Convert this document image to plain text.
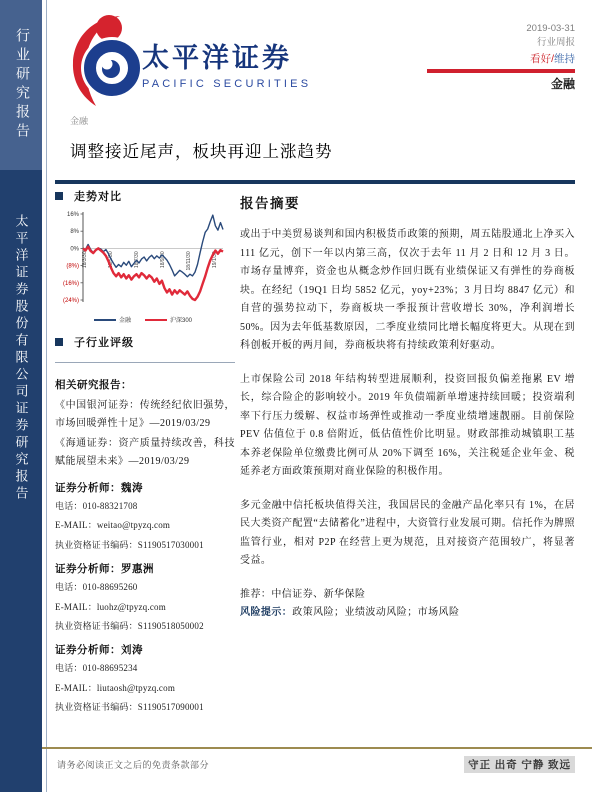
行业研究报告
太平洋证券股份有限公司证券研究报告
太平洋证券
PACIFIC SECURITIES
2019-03-31
行业周报
看好/维持
金融
金融
调整接近尾声，板块再迎上涨趋势
走势对比
16%
8%
0%
(8%)
(16%)
(24%)
18/3/30	18/5/30	18/7/30	18/9/30	18/11/30	19/1/30
金融	沪深300
子行业评级
相关研究报告：
《中国银河证券：传统经纪依旧强势，市场回暖弹性十足》—2019/03/29
《海通证券：资产质量持续改善，科技赋能展望未来》—2019/03/29
证券分析师：魏涛
电话：010-88321708
E-MAIL：weitao@tpyzq.com
执业资格证书编码：S1190517030001
证券分析师：罗惠洲
电话：010-88695260
E-MAIL：luohz@tpyzq.com
执业资格证书编码：S1190518050002
证券分析师：刘涛
电话：010-88695234
E-MAIL：liutaosh@tpyzq.com
执业资格证书编码：S1190517090001
报告摘要

或出于中美贸易谈判和国内积极货币政策的预期，周五陆股通北上净买入 111 亿元，创下一年以内第三高，仅次于去年 11 月 2 日和 12 月 3 日。市场存量博弈，资金也从概念炒作回归既有业绩保证又有弹性的券商板块。在经纪（19Q1 日均 5852 亿元，yoy+23%；3 月日均 8847 亿元）和自营的强势拉动下，券商板块一季报预计营收增长 30%，净利润增长 50%。因为去年低基数原因，二季度业绩同比增长幅度将更大。从现在到科创板开板的两月间，券商板块将有持续政策利好驱动。

上市保险公司 2018 年结构转型进展顺利，投资回报负偏差拖累 EV 增长，综合险企的影响较小。2019 年负债端新单增速持续回暖；投资端利率下行压力缓解、权益市场弹性或推动一季度业绩增速靓丽。目前保险 PEV 估值位于 0.8 倍附近，低估值性价比明显。财政部推动城镇职工基本养老保险单位缴费比例可从 20%下调至 16%，关注税延企业年金、税延养老方面政策预期对商业保险的积极作用。

多元金融中信托板块值得关注，我国居民的金融产品化率只有 1%，在居民大类资产配置“去储蓄化”进程中，大资管行业发展可期。信托作为牌照监管行业，相对 P2P 在经营上更为规范，且对接资产范围较广，将显著受益。

推荐：中信证券、新华保险
风险提示：政策风险；业绩波动风险；市场风险
请务必阅读正文之后的免责条款部分	守正 出奇 宁静 致远
